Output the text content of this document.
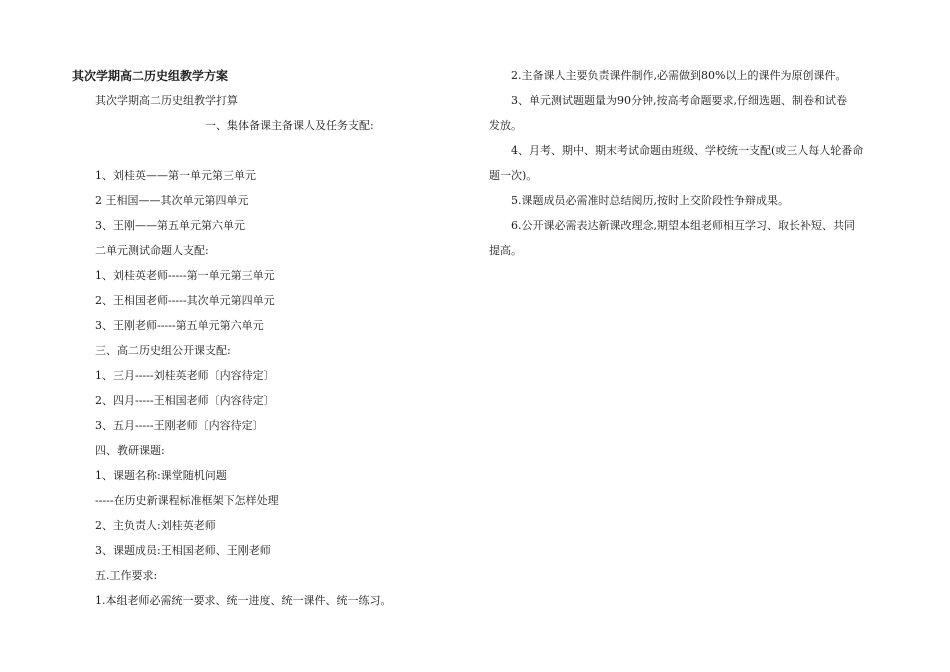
其次学期高二历史组教学方案
其次学期高二历史组教学打算
一、集体备课主备课人及任务支配:
1、刘桂英——第一单元第三单元
2 王相国——其次单元第四单元
3、王刚——第五单元第六单元
二单元测试命题人支配:
1、刘桂英老师-----第一单元第三单元
2、王相国老师-----其次单元第四单元
3、王刚老师-----第五单元第六单元
三、高二历史组公开课支配:
1、三月-----刘桂英老师〔内容待定〕
2、四月-----王相国老师〔内容待定〕
3、五月-----王刚老师〔内容待定〕
四、教研课题:
1、课题名称:课堂随机问题
-----在历史新课程标准框架下怎样处理
2、主负责人:刘桂英老师
3、课题成员:王相国老师、王刚老师
五.工作要求:
1.本组老师必需统一要求、统一进度、统一课件、统一练习。
2.主备课人主要负责课件制作,必需做到80%以上的课件为原创课件。
3、单元测试题题量为90分钟,按高考命题要求,仔细选题、制卷和试卷
发放。
4、月考、期中、期末考试命题由班级、学校统一支配(或三人每人轮番命
题一次)。
5.课题成员必需准时总结阅历,按时上交阶段性争辩成果。
6.公开课必需表达新课改理念,期望本组老师相互学习、取长补短、共同
提高。
